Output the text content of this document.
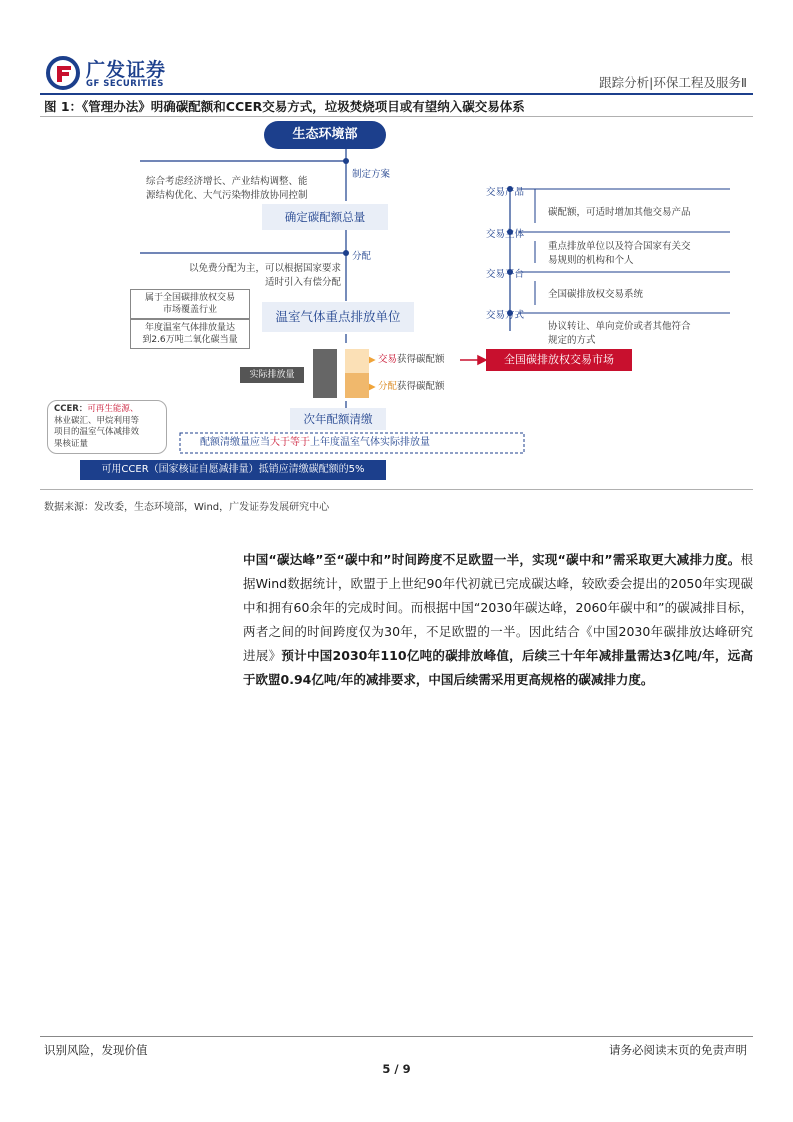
广发证券
GF SECURITIES	跟踪分析|环保工程及服务Ⅱ
图 1：《管理办法》明确碳配额和CCER交易方式，垃圾焚烧项目或有望纳入碳交易体系
生态环境部
制定方案
综合考虑经济增长、产业结构调整、能
源结构优化、大气污染物排放协同控制
确定碳配额总量
分配
以免费分配为主，可以根据国家要求
适时引入有偿分配
属于全国碳排放权交易
市场覆盖行业
年度温室气体排放量达
到2.6万吨二氧化碳当量
温室气体重点排放单位
实际排放量
交易获得碳配额
分配获得碳配额
全国碳排放权交易市场
次年配额清缴
CCER：可再生能源、
林业碳汇、甲烷利用等
项目的温室气体减排效
果核证量	配额清缴量应当大于等于上年度温室气体实际排放量
可用CCER（国家核证自愿减排量）抵销应清缴碳配额的5%
交易产品
交易主体
交易平台
交易方式
碳配额，可适时增加其他交易产品
重点排放单位以及符合国家有关交
易规则的机构和个人
全国碳排放权交易系统
协议转让、单向竞价或者其他符合
规定的方式
数据来源：发改委，生态环境部，Wind，广发证券发展研究中心
中国“碳达峰”至“碳中和”时间跨度不足欧盟一半，实现“碳中和”需采取更大减排力度。根据Wind数据统计，欧盟于上世纪90年代初就已完成碳达峰，较欧委会提出的2050年实现碳中和拥有60余年的完成时间。而根据中国“2030年碳达峰，2060年碳中和”的碳减排目标，两者之间的时间跨度仅为30年，不足欧盟的一半。因此结合《中国2030年碳排放达峰研究进展》预计中国2030年110亿吨的碳排放峰值，后续三十年年减排量需达3亿吨/年，远高于欧盟0.94亿吨/年的减排要求，中国后续需采用更高规格的碳减排力度。
识别风险，发现价值	请务必阅读末页的免责声明
5 / 9
